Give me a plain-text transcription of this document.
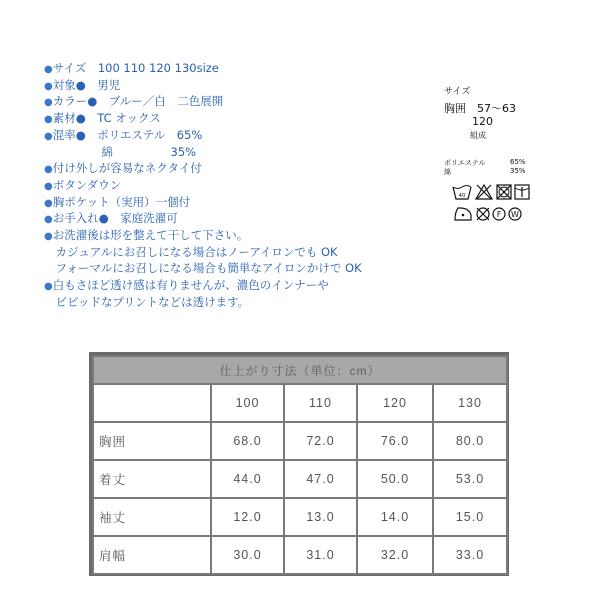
●サイズ　100 110 120 130size
●対象●　男児
●カラー●　ブルー／白　二色展開
●素材●　TC オックス
●混率●　ポリエステル　65%
　　　　　綿　　　　　35%
●付け外しが容易なネクタイ付
●ボタンダウン
●胸ポケット（実用）一個付
●お手入れ●　家庭洗濯可
●お洗濯後は形を整えて干して下さい。
　カジュアルにお召しになる場合はノーアイロンでも OK
　フォーマルにお召しになる場合も簡単なアイロンかけで OK
●白もさほど透け感は有りませんが、濃色のインナーや
　ビビッドなプリントなどは透けます。
サイズ
胸囲　57～63
120
組成
ポリエステル	65%
綿	35%
40
F W
仕上がり寸法（単位：cm）				
	100	110	120	130
胸囲	68.0	72.0	76.0	80.0
着丈	44.0	47.0	50.0	53.0
袖丈	12.0	13.0	14.0	15.0
肩幅	30.0	31.0	32.0	33.0
